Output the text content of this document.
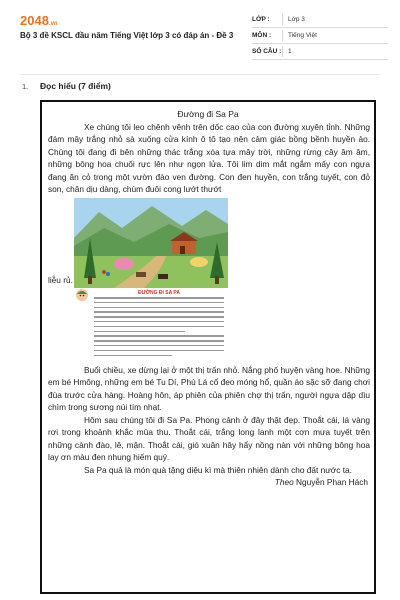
2048.vn
Bộ 3 đề KSCL đầu năm Tiếng Việt lớp 3 có đáp án - Đề 3
LỚP :	Lớp 3
MÔN :	Tiếng Việt
SỐ CÂU : 1
1. Đọc hiểu (7 điểm)
Đường đi Sa Pa
Xe chúng tôi leo chênh vênh trên dốc cao của con đường xuyên tỉnh. Những đám mây trắng nhỏ sà xuống cửa kính ô tô tạo nên cảm giác bồng bềnh huyền ảo. Chúng tôi đang đi bên những thác trắng xóa tựa mây trời, những rừng cây âm âm, những bông hoa chuối rực lên như ngọn lửa. Tôi lim dim mắt ngắm mấy con ngựa đang ăn cỏ trong một vườn đào ven đường. Con đen huyền, con trắng tuyết, con đỏ son, chân dịu dàng, chùm đuôi cong lướt thướt
liễu rủ.
ĐƯỜNG ĐI SA PA
Buổi chiều, xe dừng lại ở một thị trấn nhỏ. Nắng phố huyện vàng hoe. Những em bé Hmông, những em bé Tu Dí, Phù Lá cổ đeo móng hổ, quần áo sặc sỡ đang chơi đùa trước cửa hàng. Hoàng hôn, áp phiên của phiên chợ thị trấn, người ngựa dập dìu chìm trong sương núi tím nhạt.
Hôm sau chúng tôi đi Sa Pa. Phong cảnh ở đây thật đẹp. Thoắt cái, lá vàng rơi trong khoảnh khắc mùa thu. Thoắt cái, trắng long lanh một cơn mưa tuyết trên những cành đào, lê, mận. Thoắt cái, gió xuân hây hẩy nồng nàn với những bông hoa lay ơn màu đen nhung hiếm quý.
Sa Pa quả là món quà tặng diệu kì mà thiên nhiên dành cho đất nước ta.
Theo Nguyễn Phan Hách
